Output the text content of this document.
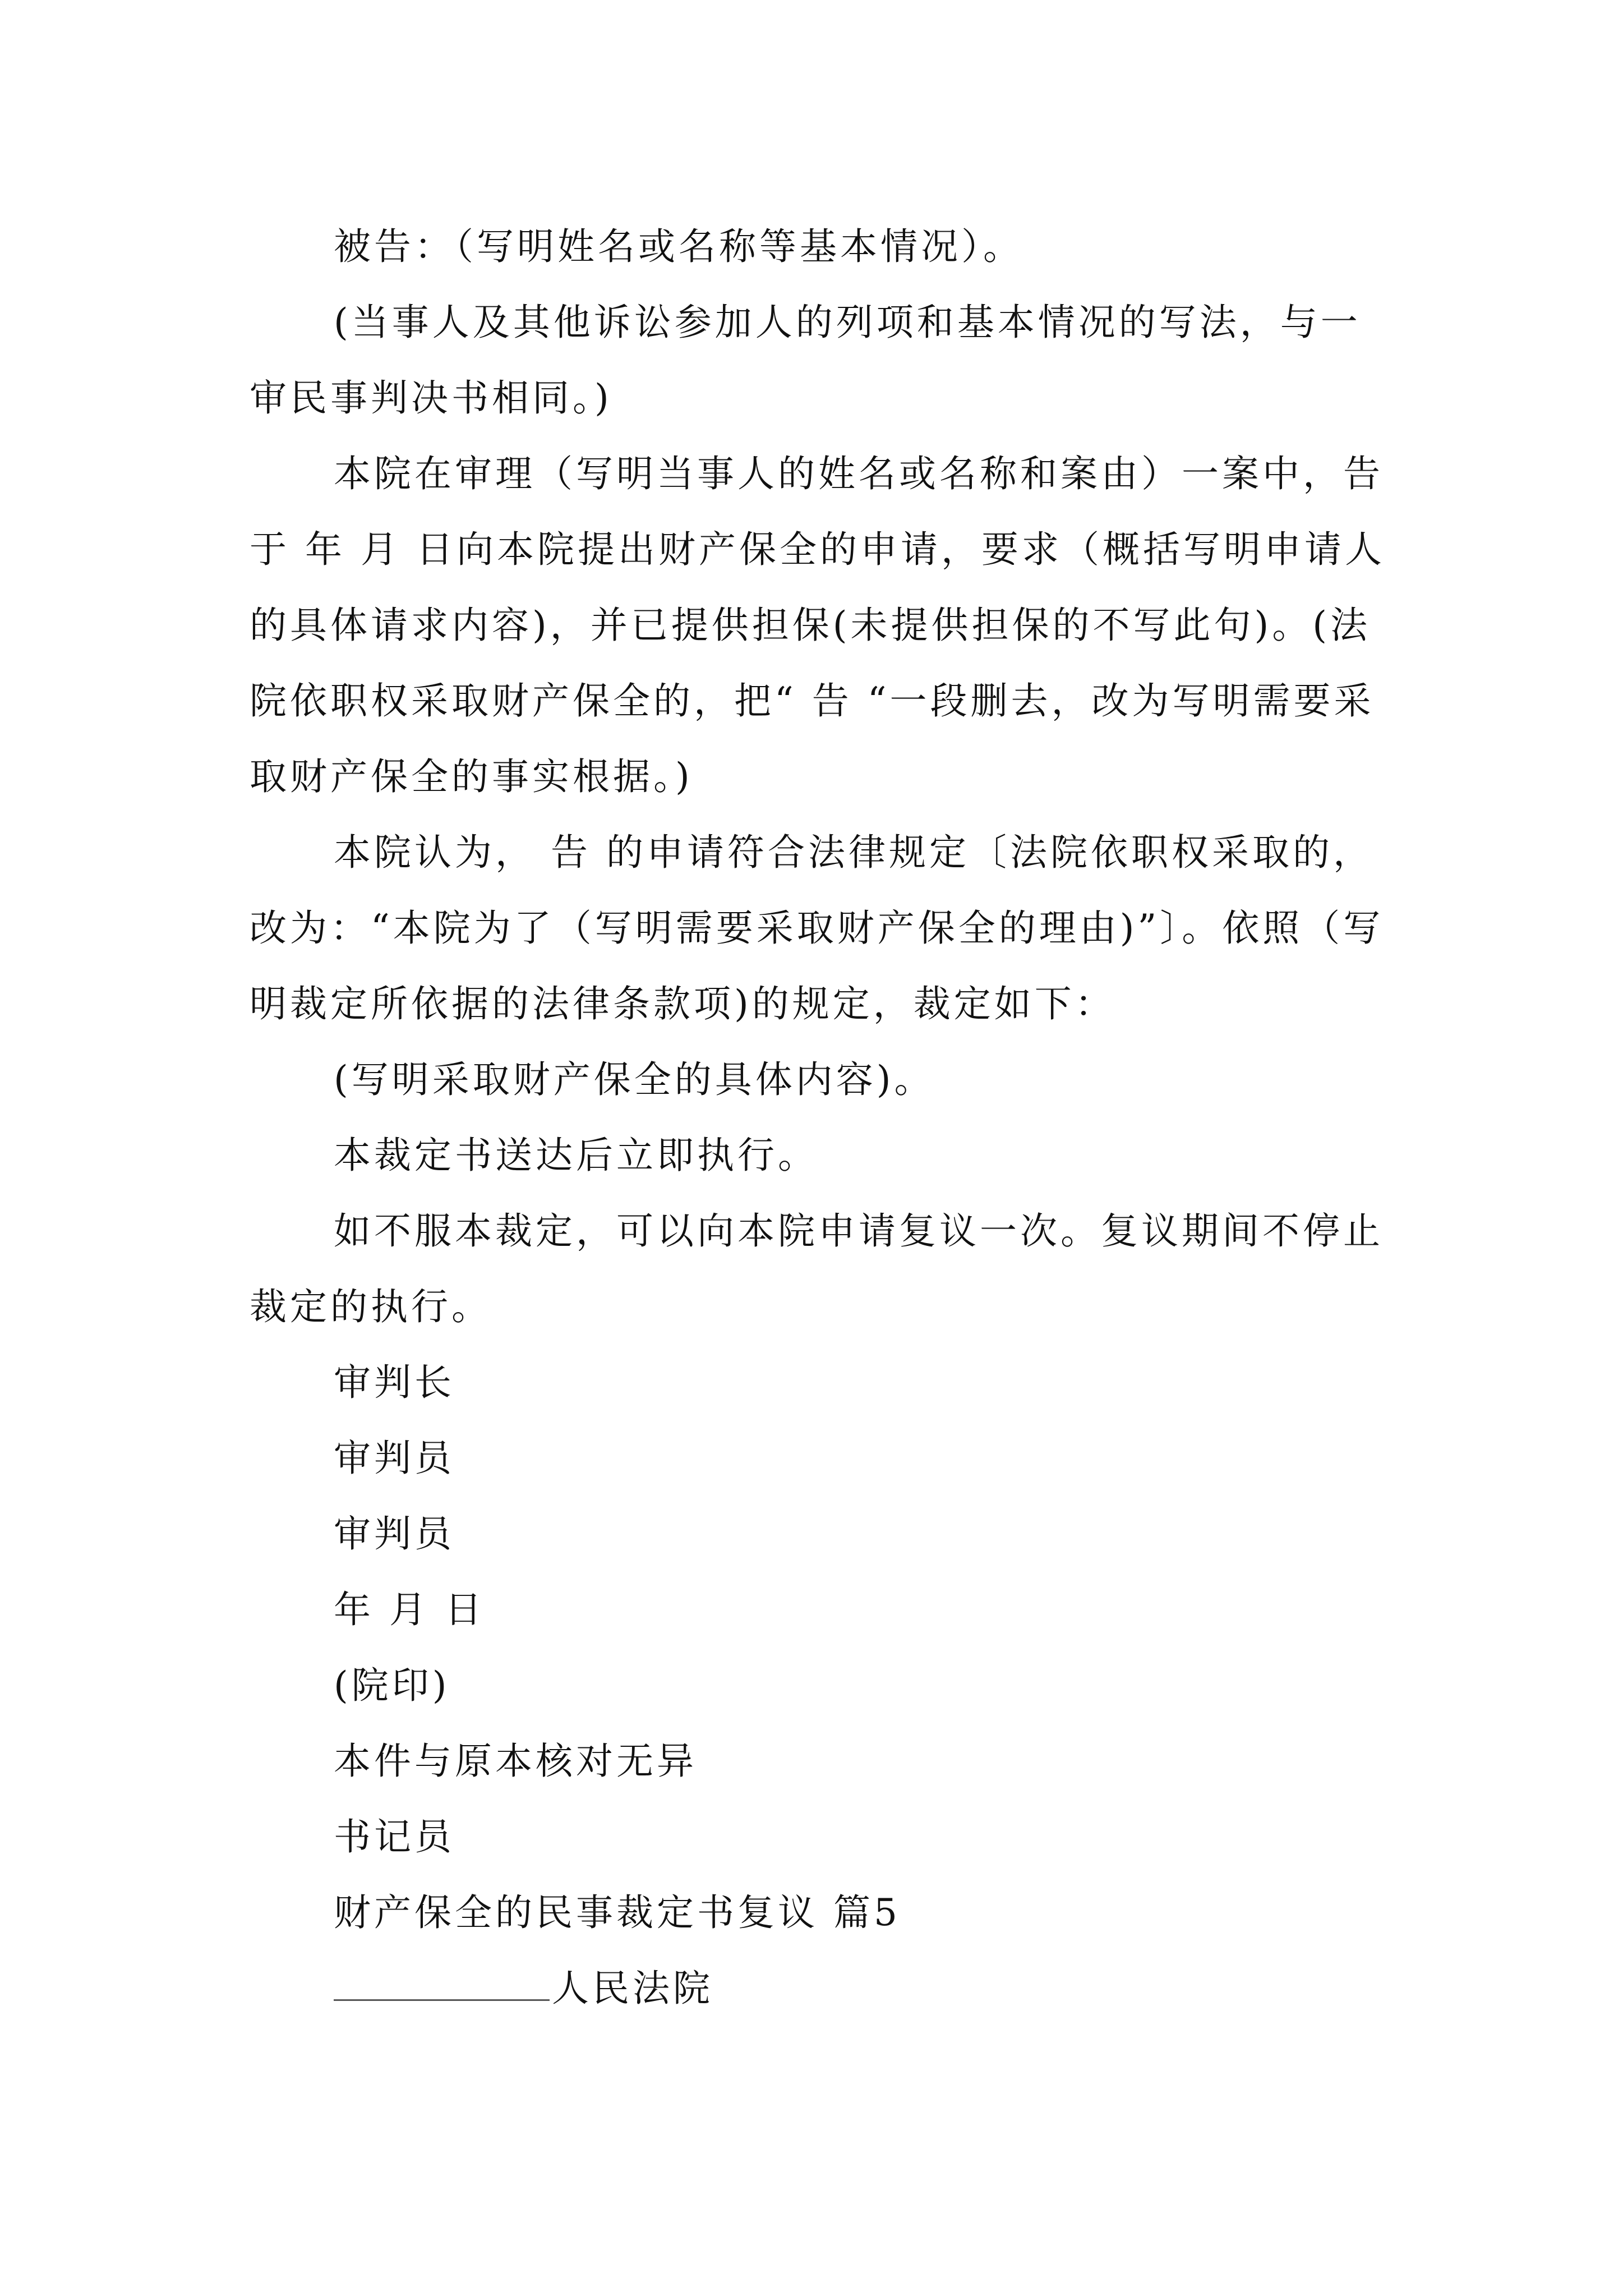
被告：（写明姓名或名称等基本情况）。

(当事人及其他诉讼参加人的列项和基本情况的写法，与一审民事判决书相同。)

本院在审理（写明当事人的姓名或名称和案由）一案中，告 于 年 月 日向本院提出财产保全的申请，要求（概括写明申请人的具体请求内容)，并已提供担保(未提供担保的不写此句)。(法院依职权采取财产保全的，把“ 告 “一段删去，改为写明需要采取财产保全的事实根据。)

本院认为， 告 的申请符合法律规定〔法院依职权采取的，改为：“本院为了（写明需要采取财产保全的理由)”〕。依照（写明裁定所依据的法律条款项)的规定，裁定如下：

(写明采取财产保全的具体内容)。

本裁定书送达后立即执行。

如不服本裁定，可以向本院申请复议一次。复议期间不停止裁定的执行。

审判长

审判员

审判员

年 月 日

(院印)

本件与原本核对无异

书记员

财产保全的民事裁定书复议 篇5

人民法院
